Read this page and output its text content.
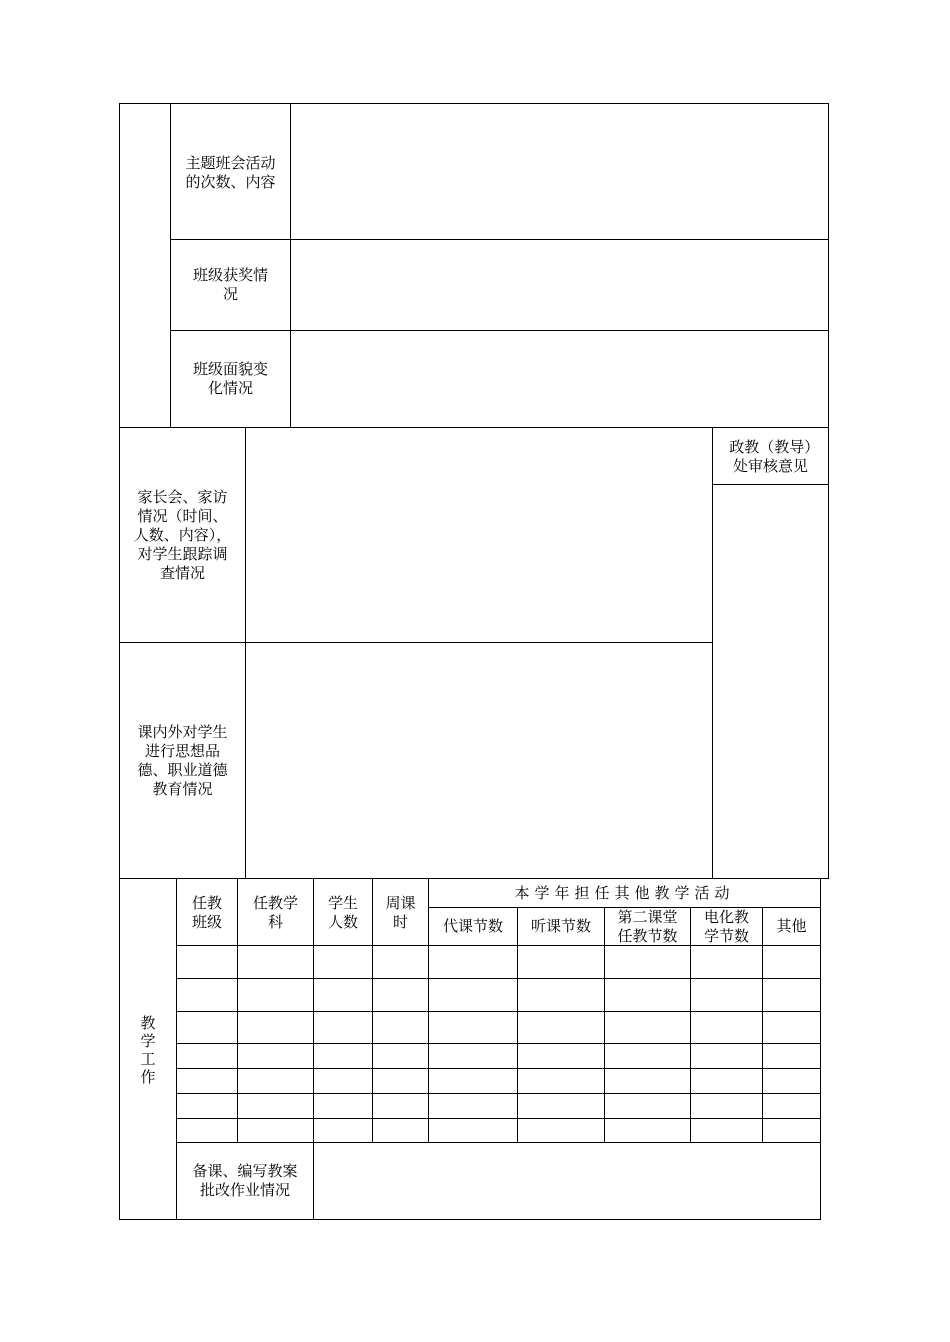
主题班会活动的次数、内容
班级获奖情况
班级面貌变化情况
家长会、家访情况（时间、人数、内容），对学生跟踪调查情况
课内外对学生进行思想品德、职业道德教育情况
政教（教导）处审核意见
教学工作
任教班级
任教学科
学生人数
周课时
本学年担任其他教学活动
代课节数	听课节数
第二课堂任教节数
电化教学节数
其他
备课、编写教案批改作业情况
